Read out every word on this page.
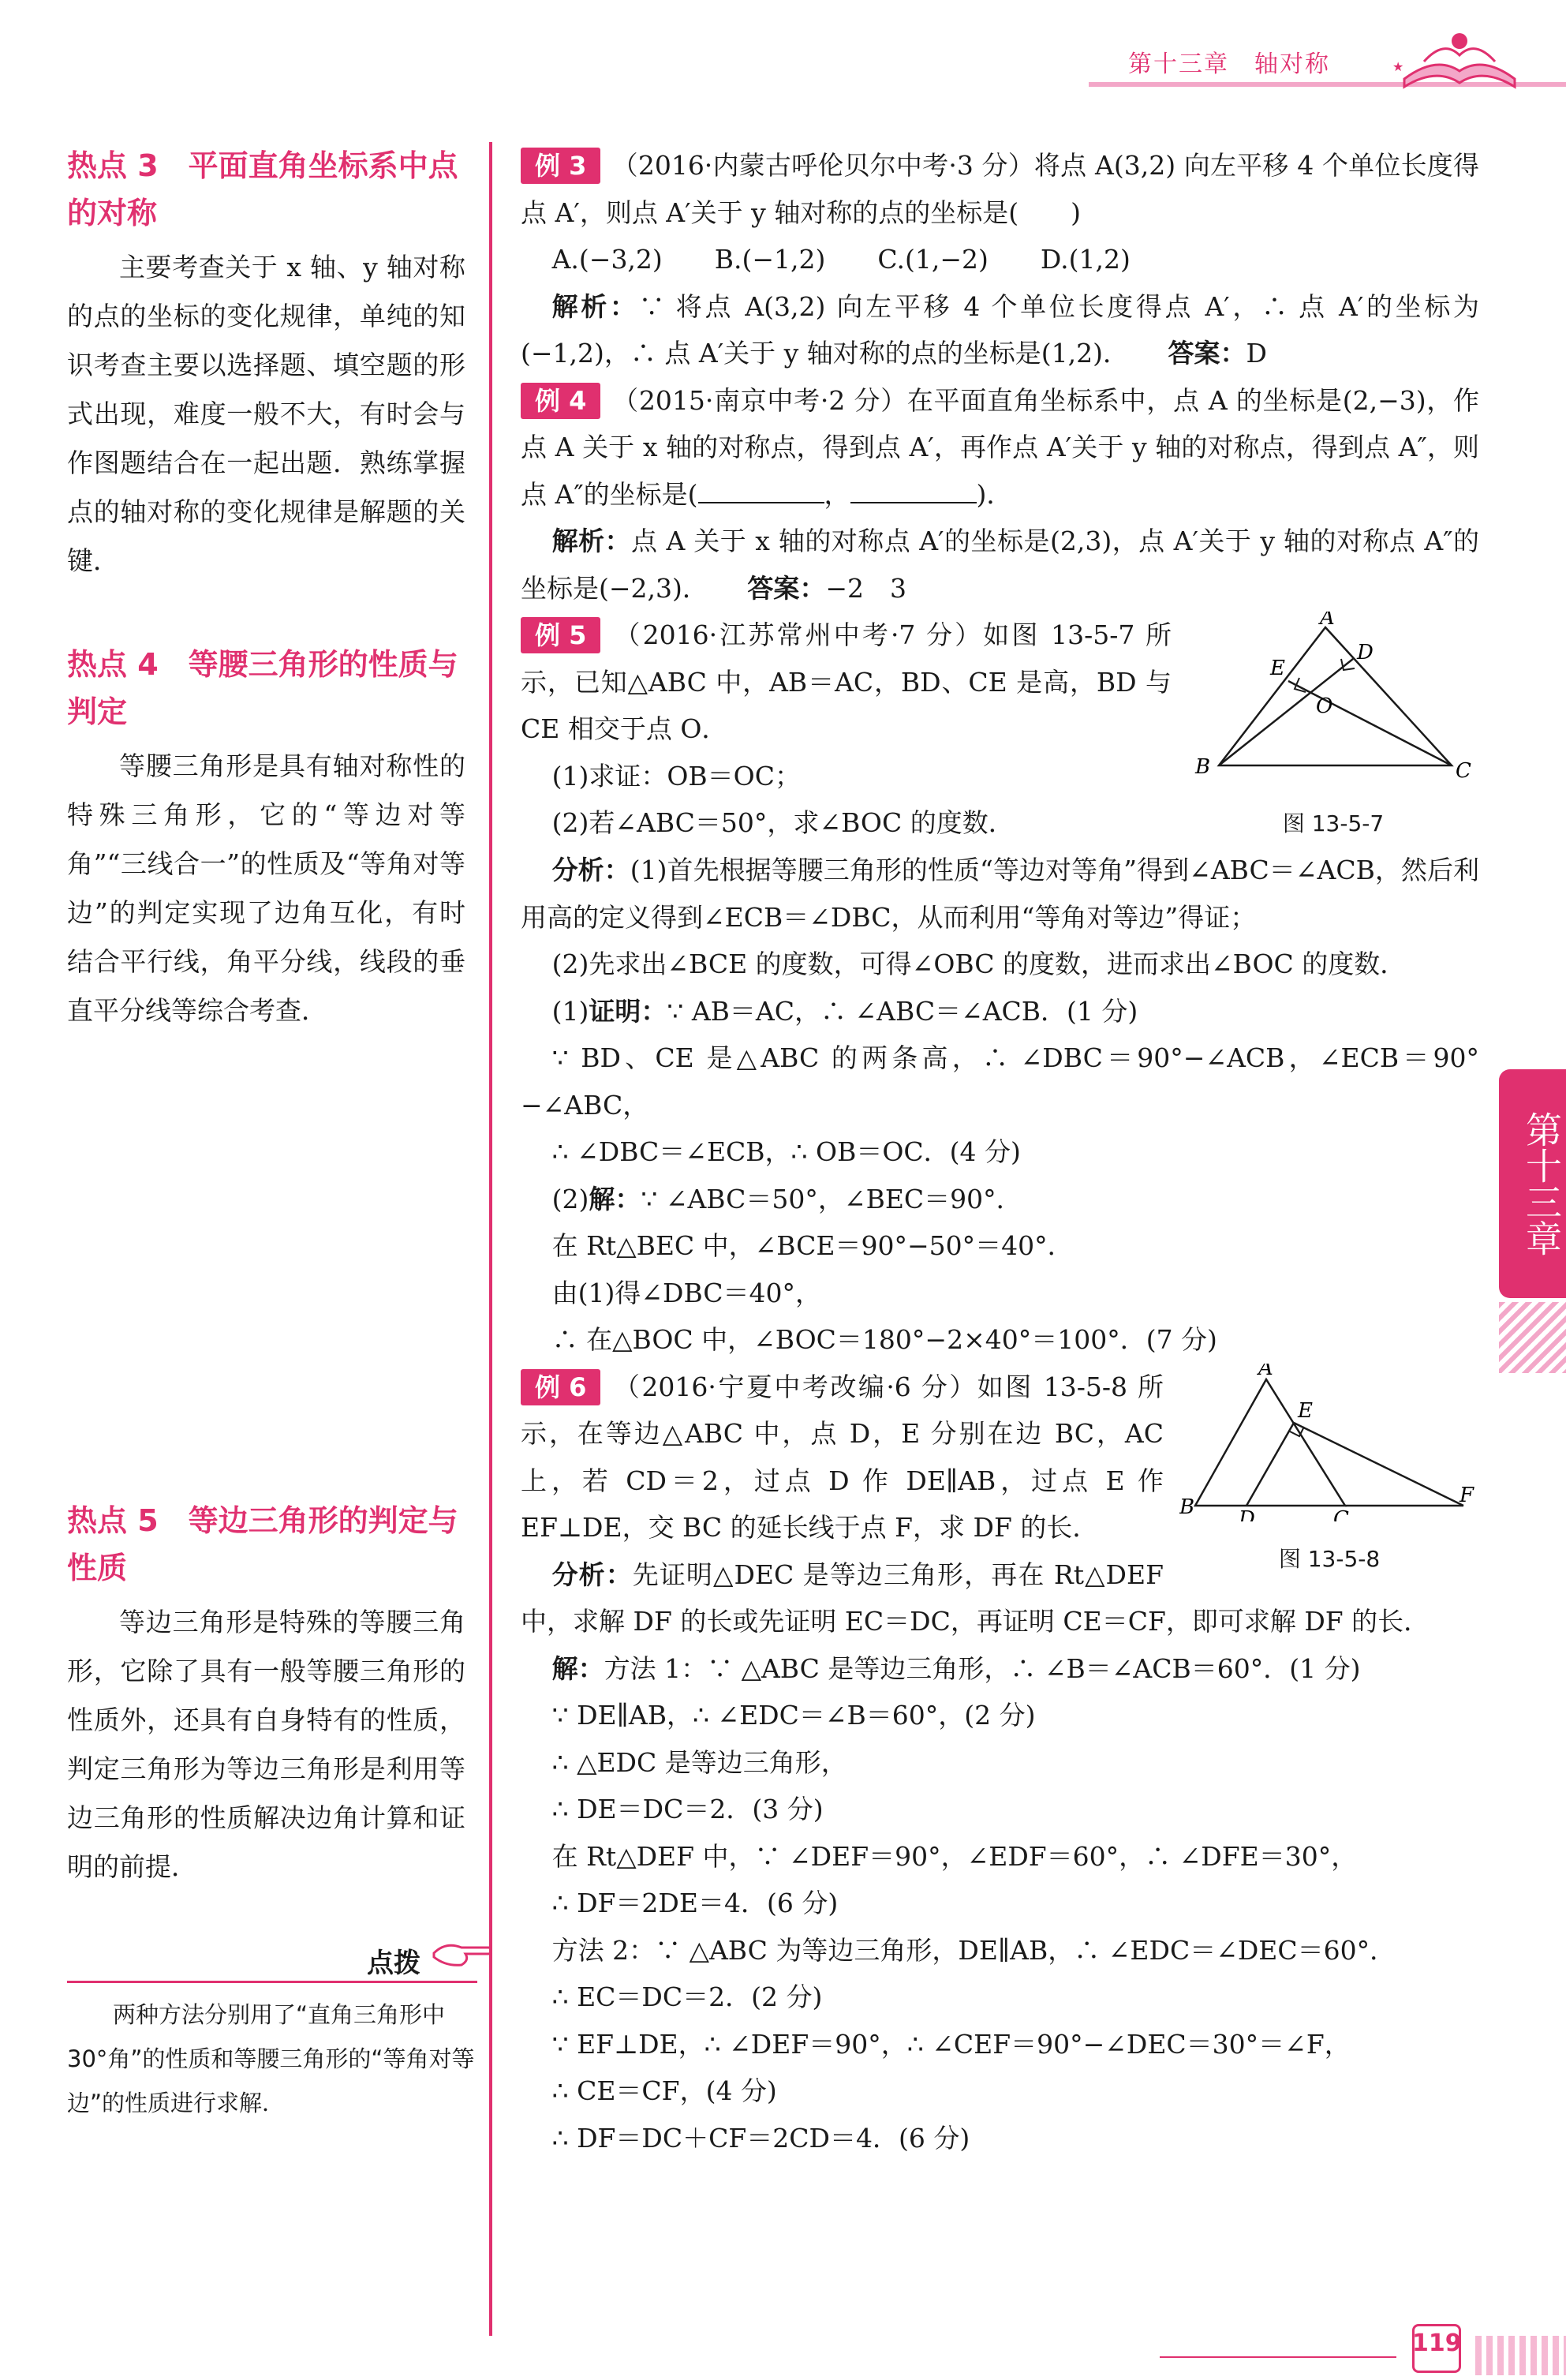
第十三章　轴对称	★

热点 3　平面直角坐标系中点的对称

主要考查关于 x 轴、y 轴对称的点的坐标的变化规律，单纯的知识考查主要以选择题、填空题的形式出现，难度一般不大，有时会与作图题结合在一起出题．熟练掌握点的轴对称的变化规律是解题的关键．

热点 4　等腰三角形的性质与判定

等腰三角形是具有轴对称性的特殊三角形，它的“等边对等角”“三线合一”的性质及“等角对等边”的判定实现了边角互化，有时结合平行线，角平分线，线段的垂直平分线等综合考查．

热点 5　等边三角形的判定与性质

等边三角形是特殊的等腰三角形，它除了具有一般等腰三角形的性质外，还具有自身特有的性质，判定三角形为等边三角形是利用等边三角形的性质解决边角计算和证明的前提．

点拨
两种方法分别用了“直角三角形中 30°角”的性质和等腰三角形的“等角对等边”的性质进行求解．

例 3 （2016·内蒙古呼伦贝尔中考·3 分）将点 A(3,2) 向左平移 4 个单位长度得点 A′，则点 A′关于 y 轴对称的点的坐标是(　　)

A.(−3,2)　　B.(−1,2)　　C.(1,−2)　　D.(1,2)

解析：∵ 将点 A(3,2) 向左平移 4 个单位长度得点 A′，∴ 点 A′的坐标为(−1,2)，∴ 点 A′关于 y 轴对称的点的坐标是(1,2)．　　 答案：D

例 4 （2015·南京中考·2 分）在平面直角坐标系中，点 A 的坐标是(2,−3)，作点 A 关于 x 轴的对称点，得到点 A′，再作点 A′关于 y 轴的对称点，得到点 A″，则点 A″的坐标是(	，	)．

解析：点 A 关于 x 轴的对称点 A′的坐标是(2,3)，点 A′关于 y 轴的对称点 A″的坐标是(−2,3)．　　 答案：−2　3

A
B	C
D
E
O
图 13-5-7

例 5 （2016·江苏常州中考·7 分）如图 13-5-7 所示，已知△ABC 中，AB＝AC，BD、CE 是高，BD 与 CE 相交于点 O．

(1)求证：OB＝OC；

(2)若∠ABC＝50°，求∠BOC 的度数．

分析：(1)首先根据等腰三角形的性质“等边对等角”得到∠ABC＝∠ACB，然后利用高的定义得到∠ECB＝∠DBC，从而利用“等角对等边”得证；

(2)先求出∠BCE 的度数，可得∠OBC 的度数，进而求出∠BOC 的度数．

(1)证明：∵ AB＝AC，∴ ∠ABC＝∠ACB．(1 分)

∵ BD、CE 是△ABC 的两条高，∴ ∠DBC＝90°−∠ACB，∠ECB＝90°−∠ABC，

∴ ∠DBC＝∠ECB，∴ OB＝OC．(4 分)

(2)解：∵ ∠ABC＝50°，∠BEC＝90°．

在 Rt△BEC 中，∠BCE＝90°−50°＝40°．

由(1)得∠DBC＝40°，

∴ 在△BOC 中，∠BOC＝180°−2×40°＝100°．(7 分)

A
B	C
D
E
F
图 13-5-8

例 6 （2016·宁夏中考改编·6 分）如图 13-5-8 所示，在等边△ABC 中，点 D，E 分别在边 BC，AC 上，若 CD＝2，过点 D 作 DE∥AB，过点 E 作 EF⊥DE，交 BC 的延长线于点 F，求 DF 的长．

分析：先证明△DEC 是等边三角形，再在 Rt△DEF 中，求解 DF 的长或先证明 EC＝DC，再证明 CE＝CF，即可求解 DF 的长．

解：方法 1：∵ △ABC 是等边三角形，∴ ∠B＝∠ACB＝60°．(1 分)

∵ DE∥AB，∴ ∠EDC＝∠B＝60°，(2 分)

∴ △EDC 是等边三角形，

∴ DE＝DC＝2．(3 分)

在 Rt△DEF 中，∵ ∠DEF＝90°，∠EDF＝60°，∴ ∠DFE＝30°，

∴ DF＝2DE＝4．(6 分)

方法 2：∵ △ABC 为等边三角形，DE∥AB，∴ ∠EDC＝∠DEC＝60°．

∴ EC＝DC＝2．(2 分)

∵ EF⊥DE，∴ ∠DEF＝90°，∴ ∠CEF＝90°−∠DEC＝30°＝∠F，

∴ CE＝CF，(4 分)

∴ DF＝DC＋CF＝2CD＝4．(6 分)

第十三章
119
